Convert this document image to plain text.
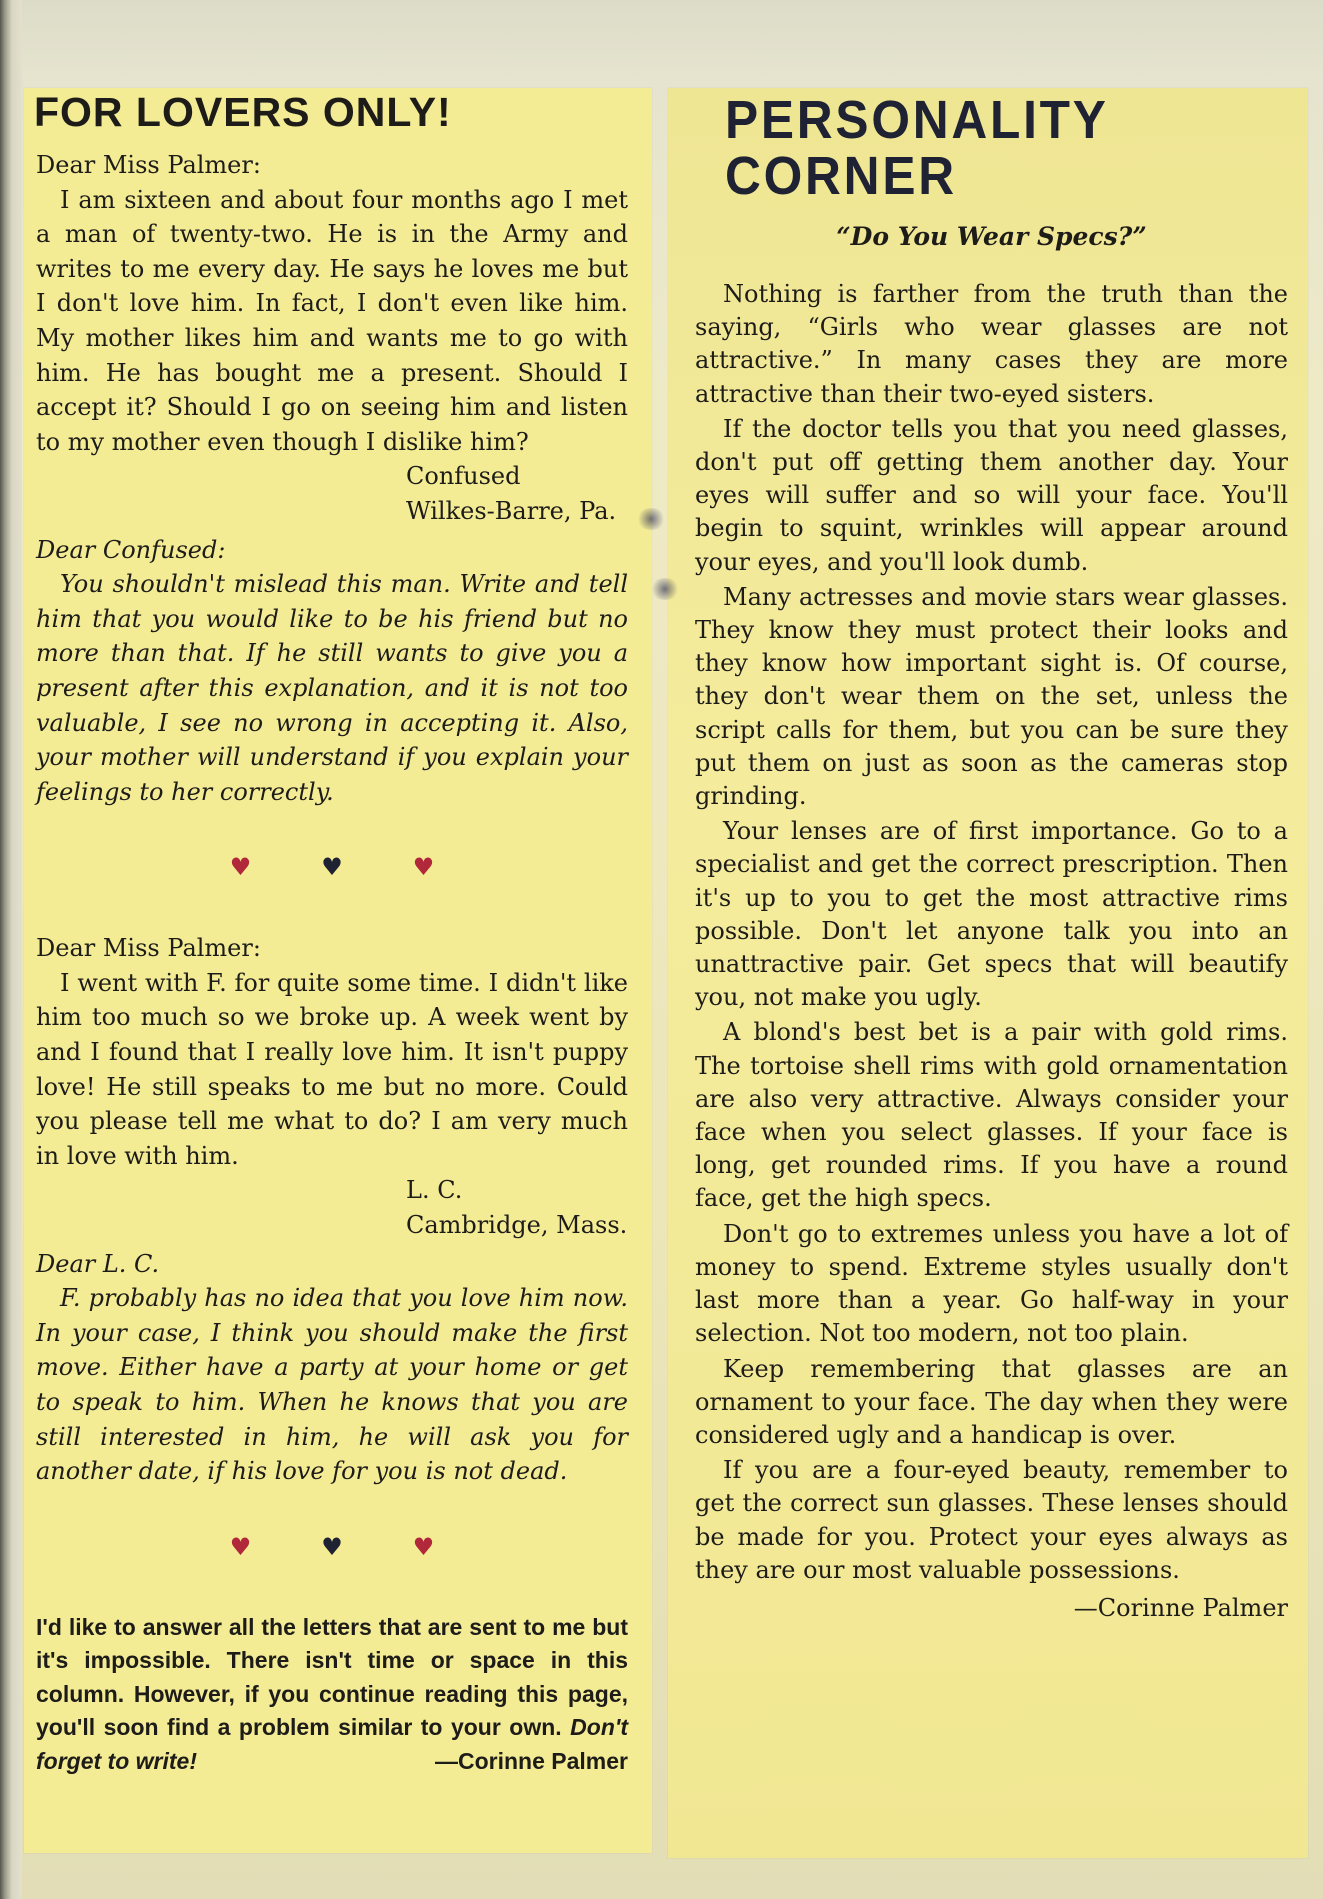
FOR LOVERS ONLY!

Dear Miss Palmer:

I am sixteen and about four months ago I met a man of twenty-two. He is in the Army and writes to me every day. He says he loves me but I don't love him. In fact, I don't even like him. My mother likes him and wants me to go with him. He has bought me a present. Should I accept it? Should I go on seeing him and listen to my mother even though I dislike him?

Confused

Wilkes-Barre, Pa.

Dear Confused:

You shouldn't mislead this man. Write and tell him that you would like to be his friend but no more than that. If he still wants to give you a present after this explanation, and it is not too valuable, I see no wrong in accepting it. Also, your mother will understand if you explain your feelings to her correctly.

♥	♥	♥

Dear Miss Palmer:

I went with F. for quite some time. I didn't like him too much so we broke up. A week went by and I found that I really love him. It isn't puppy love! He still speaks to me but no more. Could you please tell me what to do? I am very much in love with him.

L. C.

Cambridge, Mass.

Dear L. C.

F. probably has no idea that you love him now. In your case, I think you should make the first move. Either have a party at your home or get to speak to him. When he knows that you are still interested in him, he will ask you for another date, if his love for you is not dead.

♥	♥	♥
I'd like to answer all the letters that are sent to me but it's impossible. There isn't time or space in this column. However, if you continue reading this page, you'll soon find a problem similar to your own. Don't forget to write!	—Corinne Palmer
PERSONALITY CORNER
“Do You Wear Specs?”

Nothing is farther from the truth than the saying, “Girls who wear glasses are not attractive.” In many cases they are more attractive than their two-eyed sisters.

If the doctor tells you that you need glasses, don't put off getting them another day. Your eyes will suffer and so will your face. You'll begin to squint, wrinkles will appear around your eyes, and you'll look dumb.

Many actresses and movie stars wear glasses. They know they must protect their looks and they know how important sight is. Of course, they don't wear them on the set, unless the script calls for them, but you can be sure they put them on just as soon as the cameras stop grinding.

Your lenses are of first importance. Go to a specialist and get the correct prescription. Then it's up to you to get the most attractive rims possible. Don't let anyone talk you into an unattractive pair. Get specs that will beautify you, not make you ugly.

A blond's best bet is a pair with gold rims. The tortoise shell rims with gold ornamentation are also very attractive. Always consider your face when you select glasses. If your face is long, get rounded rims. If you have a round face, get the high specs.

Don't go to extremes unless you have a lot of money to spend. Extreme styles usually don't last more than a year. Go half-way in your selection. Not too modern, not too plain.

Keep remembering that glasses are an ornament to your face. The day when they were considered ugly and a handicap is over.

If you are a four-eyed beauty, remember to get the correct sun glasses. These lenses should be made for you. Protect your eyes always as they are our most valuable possessions.

—Corinne Palmer
